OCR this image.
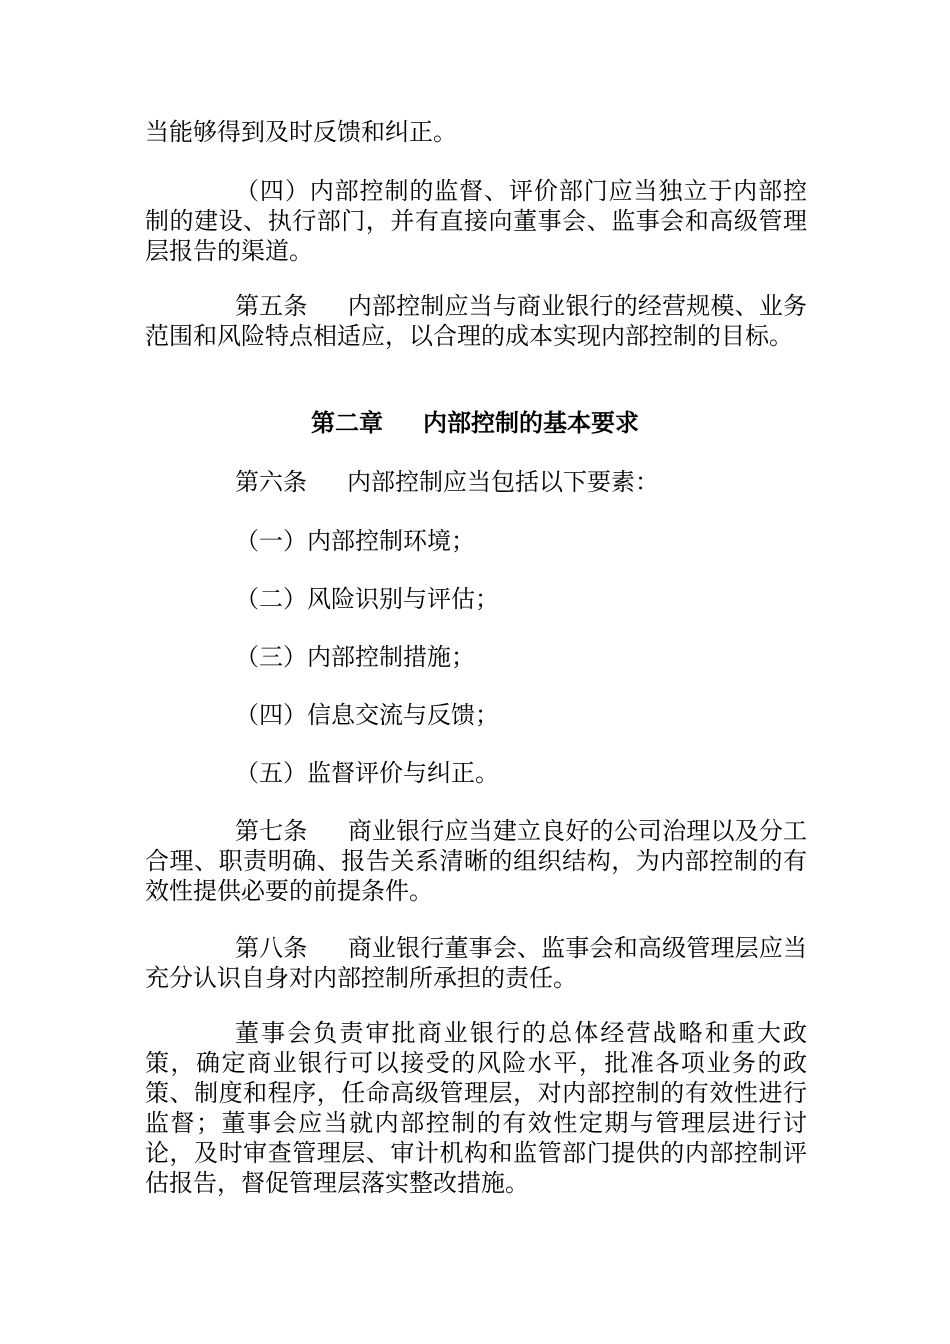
当能够得到及时反馈和纠正。

（四）内部控制的监督、评价部门应当独立于内部控制的建设、执行部门，并有直接向董事会、监事会和高级管理层报告的渠道。

第五条 内部控制应当与商业银行的经营规模、业务范围和风险特点相适应，以合理的成本实现内部控制的目标。

第二章 内部控制的基本要求

第六条 内部控制应当包括以下要素：

（一）内部控制环境；

（二）风险识别与评估；

（三）内部控制措施；

（四）信息交流与反馈；

（五）监督评价与纠正。

第七条 商业银行应当建立良好的公司治理以及分工合理、职责明确、报告关系清晰的组织结构，为内部控制的有效性提供必要的前提条件。

第八条 商业银行董事会、监事会和高级管理层应当充分认识自身对内部控制所承担的责任。

董事会负责审批商业银行的总体经营战略和重大政策，确定商业银行可以接受的风险水平，批准各项业务的政策、制度和程序，任命高级管理层，对内部控制的有效性进行监督；董事会应当就内部控制的有效性定期与管理层进行讨论，及时审查管理层、审计机构和监管部门提供的内部控制评估报告，督促管理层落实整改措施。
